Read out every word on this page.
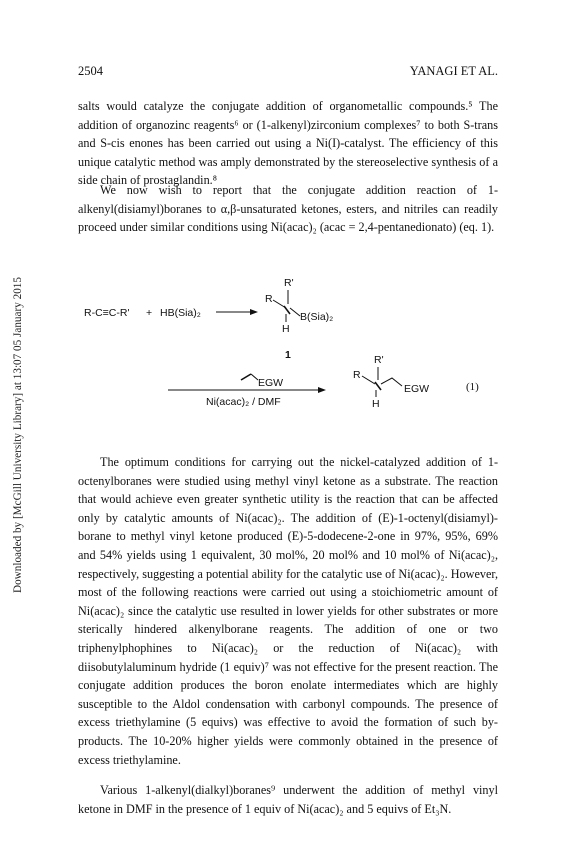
2504	YANAGI ET AL.
Downloaded by [McGill University Library] at 13:07 05 January 2015

salts would catalyze the conjugate addition of organometallic compounds.⁵ The addition of organozinc reagents⁶ or (1-alkenyl)zirconium complexes⁷ to both S-trans and S-cis enones has been carried out using a Ni(I)-catalyst. The efficiency of this unique catalytic method was amply demonstrated by the stereoselective synthesis of a side chain of prostaglandin.⁸

We now wish to report that the conjugate addition reaction of 1-alkenyl(disiamyl)boranes to α,β-unsaturated ketones, esters, and nitriles can readily proceed under similar conditions using Ni(acac)₂ (acac = 2,4-pentanedionato) (eq. 1).

R-C≡C-R' + HB(Sia)₂
R'
R
B(Sia)₂
H
1
EGW
Ni(acac)₂ / DMF
R'
R
EGW
H
(1)

The optimum conditions for carrying out the nickel-catalyzed addition of 1-octenylboranes were studied using methyl vinyl ketone as a substrate. The reaction that would achieve even greater synthetic utility is the reaction that can be affected only by catalytic amounts of Ni(acac)₂. The addition of (E)-1-octenyl(disiamyl)-borane to methyl vinyl ketone produced (E)-5-dodecene-2-one in 97%, 95%, 69% and 54% yields using 1 equivalent, 30 mol%, 20 mol% and 10 mol% of Ni(acac)₂, respectively, suggesting a potential ability for the catalytic use of Ni(acac)₂. However, most of the following reactions were carried out using a stoichiometric amount of Ni(acac)₂ since the catalytic use resulted in lower yields for other substrates or more sterically hindered alkenylborane reagents. The addition of one or two triphenylphophines to Ni(acac)₂ or the reduction of Ni(acac)₂ with diisobutylaluminum hydride (1 equiv)⁷ was not effective for the present reaction. The conjugate addition produces the boron enolate intermediates which are highly susceptible to the Aldol condensation with carbonyl compounds. The presence of excess triethylamine (5 equivs) was effective to avoid the formation of such by-products. The 10-20% higher yields were commonly obtained in the presence of excess triethylamine.

Various 1-alkenyl(dialkyl)boranes⁹ underwent the addition of methyl vinyl ketone in DMF in the presence of 1 equiv of Ni(acac)₂ and 5 equivs of Et₃N.
